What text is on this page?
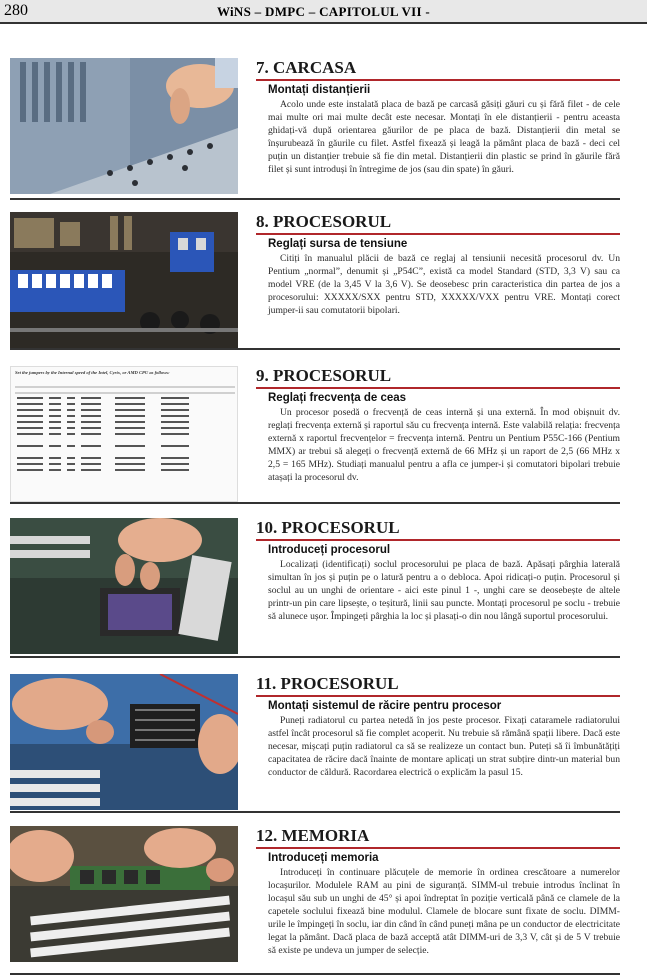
280	WiNS – DMPC – CAPITOLUL VII -
7. CARCASA
Montați distanțierii
Acolo unde este instalată placa de bază pe carcasă găsiți găuri cu și fără filet - de cele mai multe ori mai multe decât este necesar. Montați în ele distanțierii - pentru aceasta ghidați-vă după orientarea găurilor de pe placa de bază. Distanțierii din metal se înșurubează în găurile cu filet. Astfel fixează și leagă la pământ placa de bază - deci cel puțin un distanțier trebuie să fie din metal. Distanțierii din plastic se prind în găurile fără filet și sunt introduși în întregime de jos (sau din spate) în găuri.
8. PROCESORUL
Reglați sursa de tensiune
Citiți în manualul plăcii de bază ce reglaj al tensiunii necesită procesorul dv. Un Pentium „normal”, denumit și „P54C”, există ca model Standard (STD, 3,3 V) sau ca model VRE (de la 3,45 V la 3,6 V). Se deosebesc prin caracteristica din partea de jos a procesorului: XXXXX/SXX pentru STD, XXXXX/VXX pentru VRE. Montați corect jumper-ii sau comutatorii bipolari.
Set the jumpers by the Internal speed of the Intel, Cyrix, or AMD CPU as follows:	9. PROCESORUL
Reglați frecvența de ceas
Un procesor posedă o frecvență de ceas internă și una externă. În mod obișnuit dv. reglați frecvența externă și raportul său cu frecvența internă. Este valabilă relația: frecvența externă x raportul frecvențelor = frecvența internă. Pentru un Pentium P55C-166 (Pentium MMX) ar trebui să alegeți o frecvență externă de 66 MHz și un raport de 2,5 (66 MHz x 2,5 = 165 MHz). Studiați manualul pentru a afla ce jumper-i și comutatori bipolari trebuie atașați la procesorul dv.
10. PROCESORUL
Introduceți procesorul
Localizați (identificați) soclul procesorului pe placa de bază. Apăsați pârghia laterală simultan în jos și puțin pe o latură pentru a o debloca. Apoi ridicați-o puțin. Procesorul și soclul au un unghi de orientare - aici este pinul 1 -, unghi care se deosebește de altele printr-un pin care lipsește, o teșitură, linii sau puncte. Montați procesorul pe soclu - trebuie să alunece ușor. Împingeți pârghia la loc și plasați-o din nou lângă suportul procesorului.
11. PROCESORUL
Montați sistemul de răcire pentru procesor
Puneți radiatorul cu partea netedă în jos peste procesor. Fixați cataramele radiatorului astfel încât procesorul să fie complet acoperit. Nu trebuie să rămână spații libere. Dacă este necesar, mișcați puțin radiatorul ca să se realizeze un contact bun. Puteți să îi îmbunătățiți capacitatea de răcire dacă înainte de montare aplicați un strat subțire dintr-un material bun conductor de căldură. Racordarea electrică o explicăm la pasul 15.
12. MEMORIA
Introduceți memoria
Introduceți în continuare plăcuțele de memorie în ordinea crescătoare a numerelor locașurilor. Modulele RAM au pini de siguranță. SIMM-ul trebuie introdus înclinat în locașul său sub un unghi de 45° și apoi îndreptat în poziție verticală până ce clamele de la capetele soclului fixează bine modulul. Clamele de blocare sunt fixate de soclu. DIMM-urile le împingeți în soclu, iar din când în când puneți mâna pe un conductor de electricitate legat la pământ. Dacă placa de bază acceptă atât DIMM-uri de 3,3 V, cât și de 5 V trebuie să existe pe undeva un jumper de selecție.
